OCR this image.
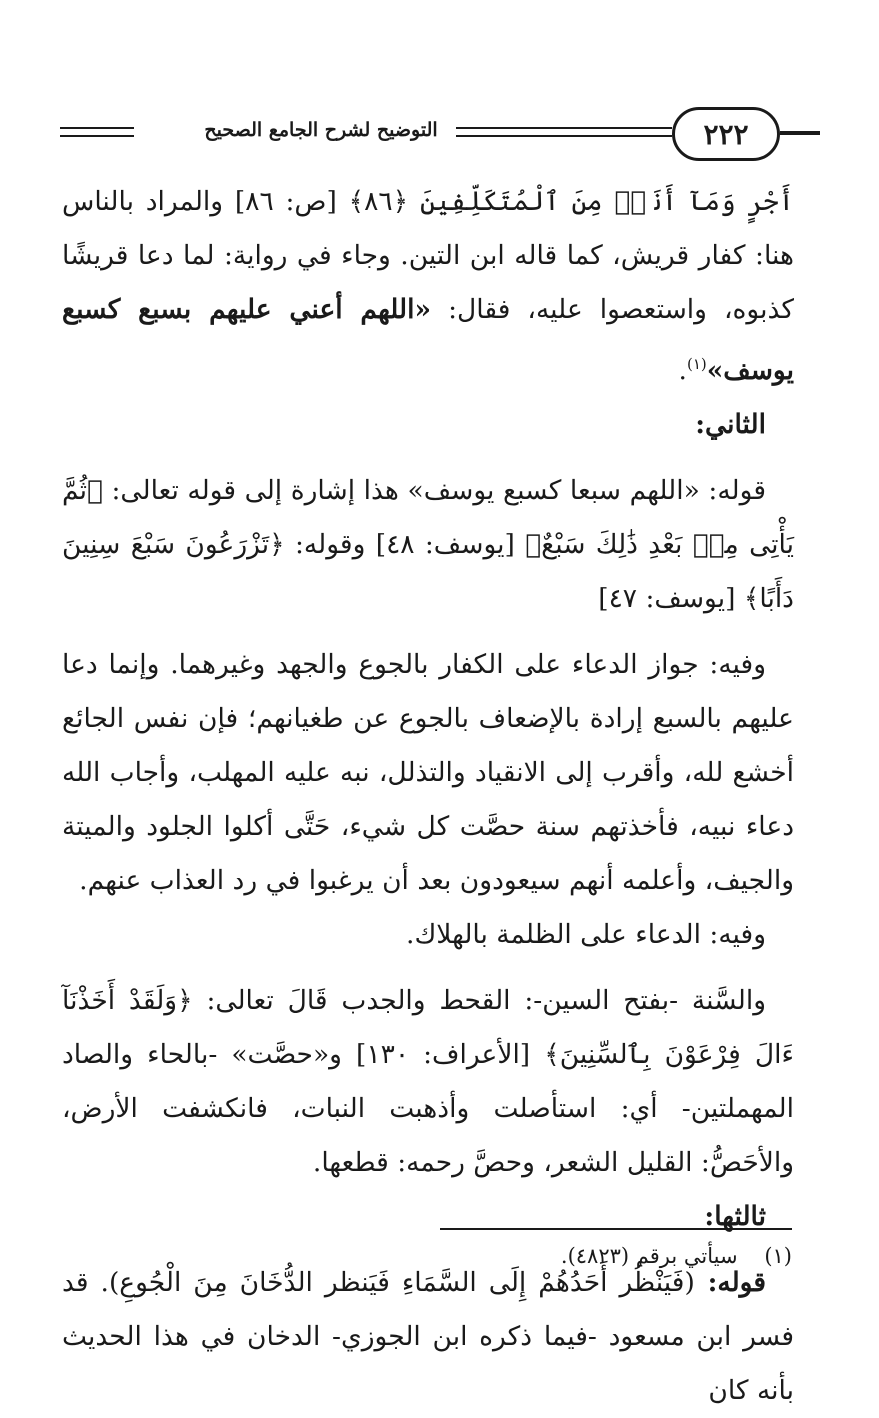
التوضيح لشرح الجامع الصحيح	٢٢٢

أَجْرٍ وَمَآ أَنَا۠ مِنَ ٱلْمُتَكَلِّفِينَ ﴿٨٦﴾ [ص: ٨٦] والمراد بالناس هنا: كفار قريش، كما قاله ابن التين. وجاء في رواية: لما دعا قريشًا كذبوه، واستعصوا عليه، فقال: «اللهم أعني عليهم بسبع كسبع يوسف»$^{(١)}$.

الثاني:

قوله: «اللهم سبعا كسبع يوسف» هذا إشارة إلى قوله تعالى: ﴿ثُمَّ يَأْتِى مِنۢ بَعْدِ ذَٰلِكَ سَبْعٌ﴾ [يوسف: ٤٨] وقوله: ﴿تَزْرَعُونَ سَبْعَ سِنِينَ دَأَبًا﴾ [يوسف: ٤٧]

وفيه: جواز الدعاء على الكفار بالجوع والجهد وغيرهما. وإنما دعا عليهم بالسبع إرادة بالإضعاف بالجوع عن طغيانهم؛ فإن نفس الجائع أخشع لله، وأقرب إلى الانقياد والتذلل، نبه عليه المهلب، وأجاب الله دعاء نبيه، فأخذتهم سنة حصَّت كل شيء، حَتَّى أكلوا الجلود والميتة والجيف، وأعلمه أنهم سيعودون بعد أن يرغبوا في رد العذاب عنهم.

وفيه: الدعاء على الظلمة بالهلاك.

والسَّنة -بفتح السين-: القحط والجدب قَالَ تعالى: ﴿وَلَقَدْ أَخَذْنَآ ءَالَ فِرْعَوْنَ بِٱلسِّنِينَ﴾ [الأعراف: ١٣٠] و«حصَّت» -بالحاء والصاد المهملتين- أي: استأصلت وأذهبت النبات، فانكشفت الأرض، والأحَصُّ: القليل الشعر، وحصَّ رحمه: قطعها.

ثالثها:

قوله: (فَيَنْظُر أَحَدُهُمْ إِلَى السَّمَاءِ فَيَنظر الدُّخَانَ مِنَ الْجُوعِ). قد فسر ابن مسعود -فيما ذكره ابن الجوزي- الدخان في هذا الحديث بأنه كان

(١)    سيأتي برقم (٤٨٢٣).
